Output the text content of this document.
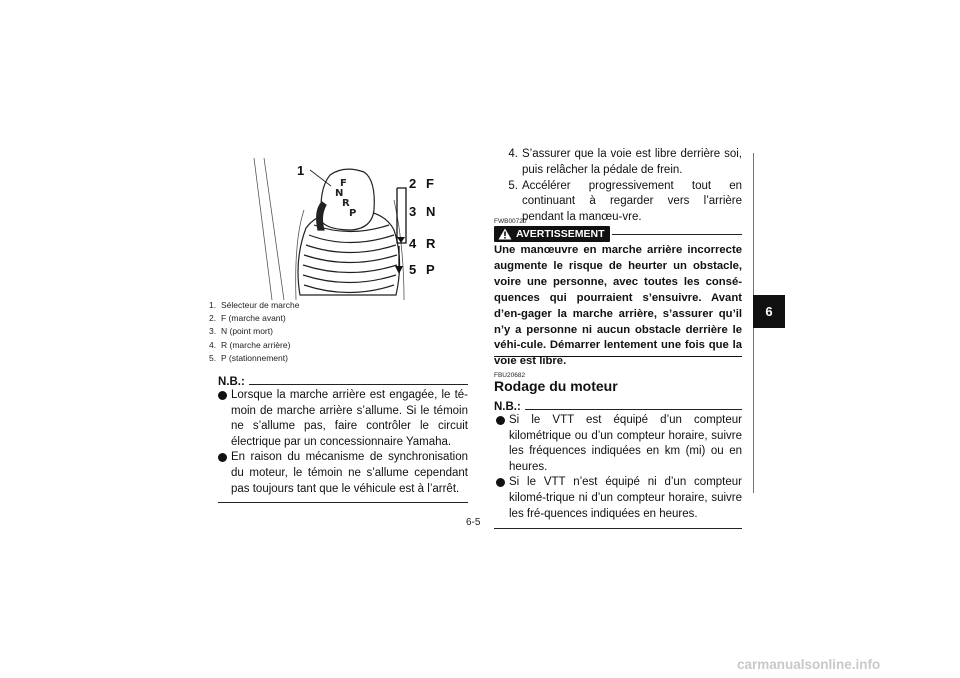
F
N
R
P
1
2 F
3 N
4 R
5 P
1. Sélecteur de marche
2. F (marche avant)
3. N (point mort)
4. R (marche arrière)
5. P (stationnement)
N.B.:
Lorsque la marche arrière est engagée, le té-moin de marche arrière s’allume. Si le témoin ne s’allume pas, faire contrôler le circuit électrique par un concessionnaire Yamaha.
En raison du mécanisme de synchronisation du moteur, le témoin ne s’allume cependant pas toujours tant que le véhicule est à l’arrêt.
4. S’assurer que la voie est libre derrière soi, puis relâcher la pédale de frein.
5. Accélérer progressivement tout en continuant à regarder vers l’arrière pendant la manœu-vre.
FWB00720
AVERTISSEMENT
Une manœuvre en marche arrière incorrecte augmente le risque de heurter un obstacle, voire une personne, avec toutes les consé-quences qui pourraient s’ensuivre. Avant d’en-gager la marche arrière, s’assurer qu’il n’y a personne ni aucun obstacle derrière le véhi-cule. Démarrer lentement une fois que la voie est libre.
FBU20682
Rodage du moteur
N.B.:
Si le VTT est équipé d’un compteur kilométrique ou d’un compteur horaire, suivre les fréquences indiquées en km (mi) ou en heures.
Si le VTT n’est équipé ni d’un compteur kilomé-trique ni d’un compteur horaire, suivre les fré-quences indiquées en heures.
6
6-5
carmanualsonline.info
